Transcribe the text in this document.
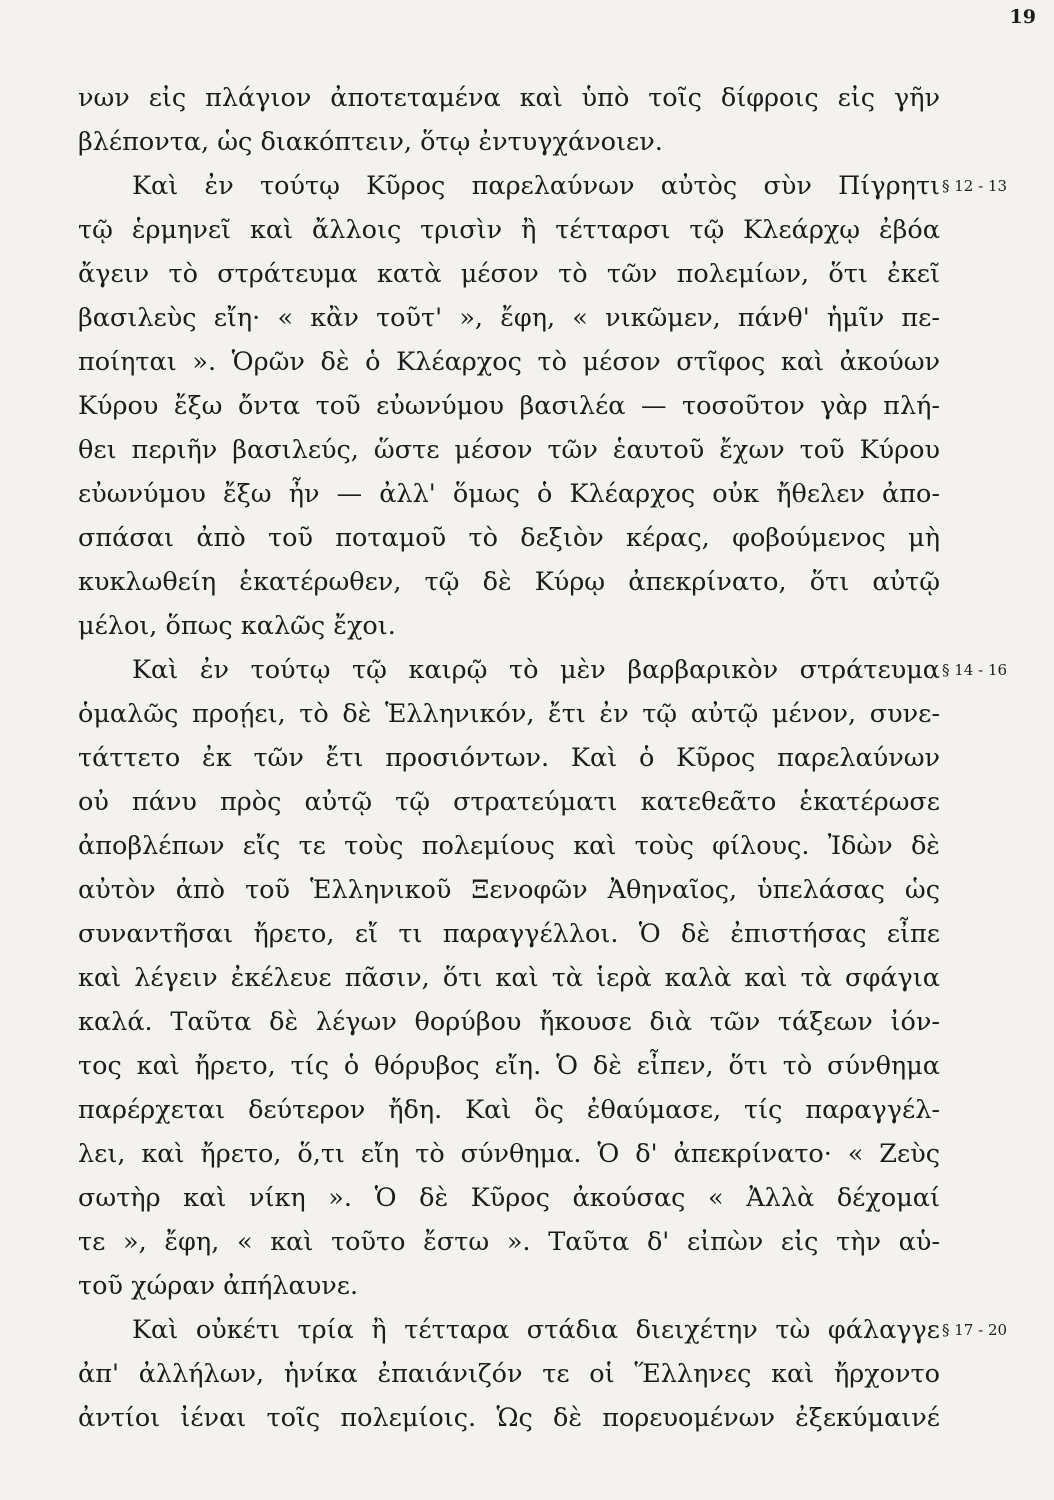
19
νων εἰς πλάγιον ἀποτεταμένα καὶ ὑπὸ τοῖς δίφροις εἰς γῆν
βλέποντα, ὡς διακόπτειν, ὅτῳ ἐντυγχάνοιεν.
Καὶ ἐν τούτῳ Κῦρος παρελαύνων αὐτὸς σὺν Πίγρητι
τῷ ἑρμηνεῖ καὶ ἄλλοις τρισὶν ἢ τέτταρσι τῷ Κλεάρχῳ ἐβόα
ἄγειν τὸ στράτευμα κατὰ μέσον τὸ τῶν πολεμίων, ὅτι ἐκεῖ
βασιλεὺς εἴη· « κἂν τοῦτ' », ἔφη, « νικῶμεν, πάνθ' ἡμῖν πε-
ποίηται ». Ὁρῶν δὲ ὁ Κλέαρχος τὸ μέσον στῖφος καὶ ἀκούων
Κύρου ἔξω ὄντα τοῦ εὐωνύμου βασιλέα — τοσοῦτον γὰρ πλή-
θει περιῆν βασιλεύς, ὥστε μέσον τῶν ἑαυτοῦ ἔχων τοῦ Κύρου
εὐωνύμου ἔξω ἦν — ἀλλ' ὅμως ὁ Κλέαρχος οὐκ ἤθελεν ἀπο-
σπάσαι ἀπὸ τοῦ ποταμοῦ τὸ δεξιὸν κέρας, φοβούμενος μὴ
κυκλωθείη ἑκατέρωθεν, τῷ δὲ Κύρῳ ἀπεκρίνατο, ὅτι αὐτῷ
μέλοι, ὅπως καλῶς ἔχοι.
Καὶ ἐν τούτῳ τῷ καιρῷ τὸ μὲν βαρβαρικὸν στράτευμα
ὁμαλῶς προῄει, τὸ δὲ Ἑλληνικόν, ἔτι ἐν τῷ αὐτῷ μένον, συνε-
τάττετο ἐκ τῶν ἔτι προσιόντων. Καὶ ὁ Κῦρος παρελαύνων
οὐ πάνυ πρὸς αὐτῷ τῷ στρατεύματι κατεθεᾶτο ἑκατέρωσε
ἀποβλέπων εἴς τε τοὺς πολεμίους καὶ τοὺς φίλους. Ἰδὼν δὲ
αὐτὸν ἀπὸ τοῦ Ἑλληνικοῦ Ξενοφῶν Ἀθηναῖος, ὑπελάσας ὡς
συναντῆσαι ἤρετο, εἴ τι παραγγέλλοι. Ὁ δὲ ἐπιστήσας εἶπε
καὶ λέγειν ἐκέλευε πᾶσιν, ὅτι καὶ τὰ ἱερὰ καλὰ καὶ τὰ σφάγια
καλά. Ταῦτα δὲ λέγων θορύβου ἤκουσε διὰ τῶν τάξεων ἰόν-
τος καὶ ἤρετο, τίς ὁ θόρυβος εἴη. Ὁ δὲ εἶπεν, ὅτι τὸ σύνθημα
παρέρχεται δεύτερον ἤδη. Καὶ ὃς ἐθαύμασε, τίς παραγγέλ-
λει, καὶ ἤρετο, ὅ,τι εἴη τὸ σύνθημα. Ὁ δ' ἀπεκρίνατο· « Ζεὺς
σωτὴρ καὶ νίκη ». Ὁ δὲ Κῦρος ἀκούσας « Ἀλλὰ δέχομαί
τε », ἔφη, « καὶ τοῦτο ἔστω ». Ταῦτα δ' εἰπὼν εἰς τὴν αὑ-
τοῦ χώραν ἀπήλαυνε.
Καὶ οὐκέτι τρία ἢ τέτταρα στάδια διειχέτην τὼ φάλαγγε
ἀπ' ἀλλήλων, ἡνίκα ἐπαιάνιζόν τε οἱ Ἕλληνες καὶ ἤρχοντο
ἀντίοι ἰέναι τοῖς πολεμίοις. Ὡς δὲ πορευομένων ἐξεκύμαινέ
§ 12 - 13
§ 14 - 16
§ 17 - 20
